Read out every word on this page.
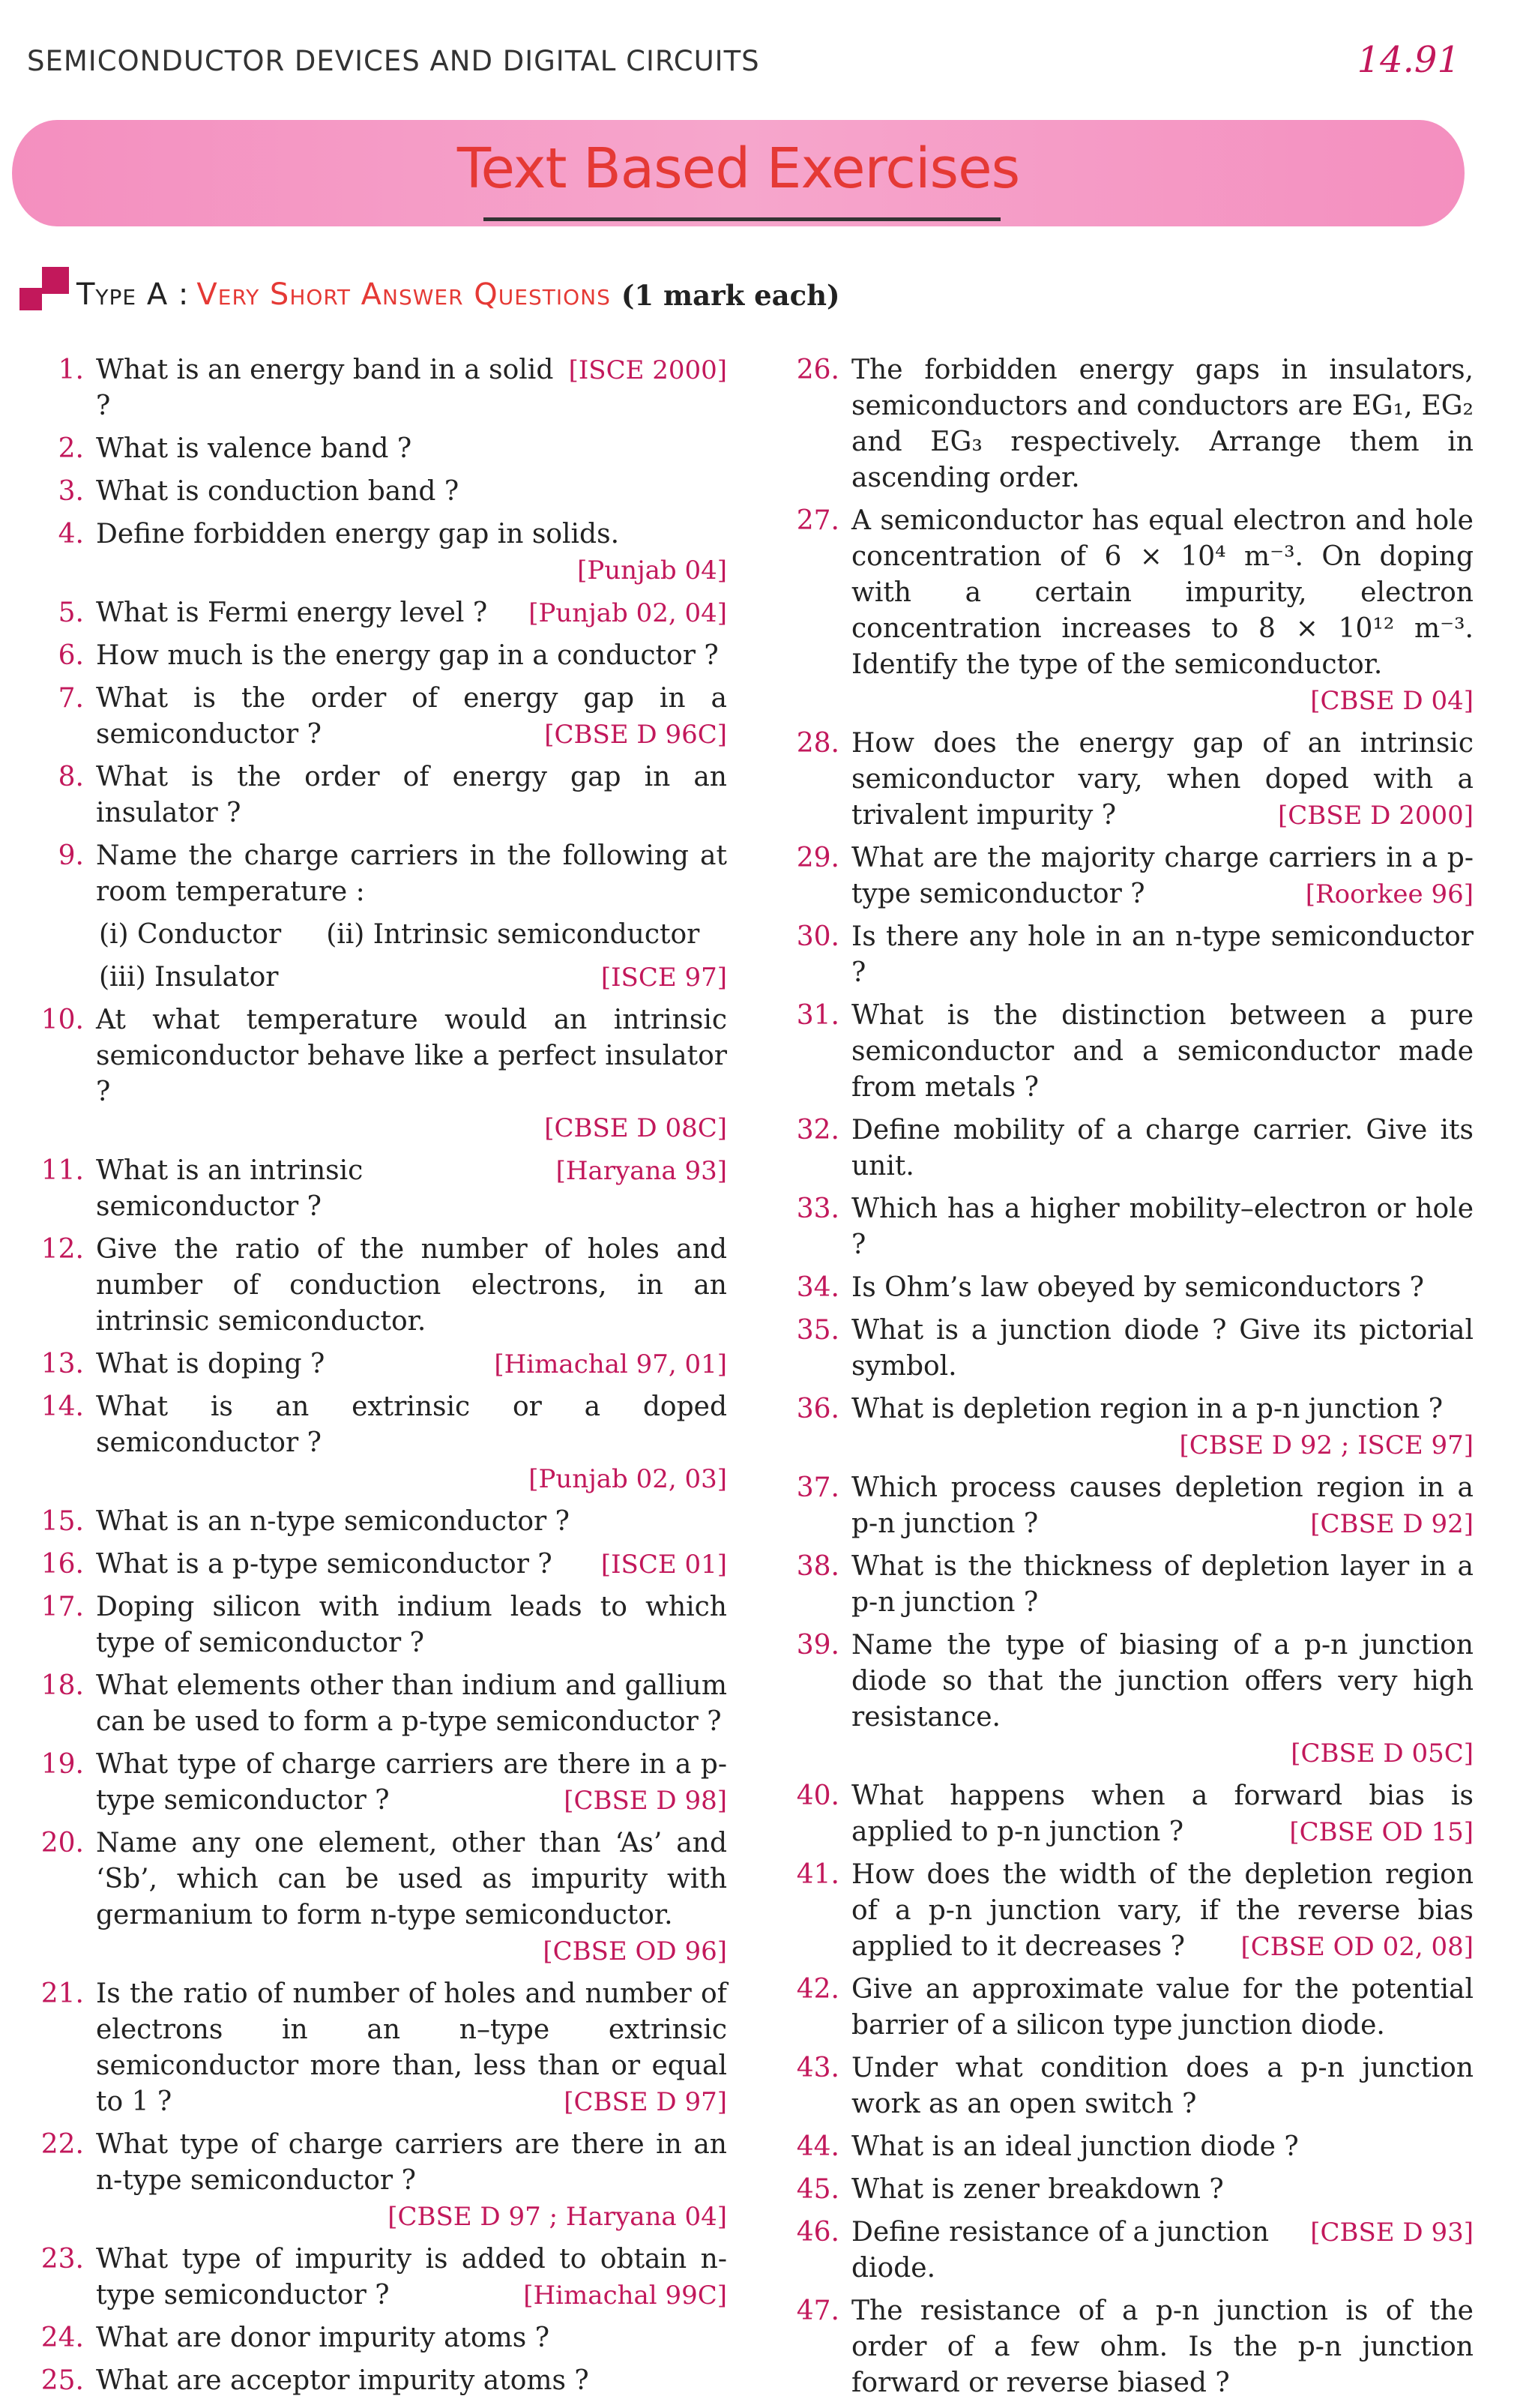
SEMICONDUCTOR DEVICES AND DIGITAL CIRCUITS	14.91
Text Based Exercises
Type A : Very Short Answer Questions (1 mark each)
1. What is an energy band in a solid ?
[ISCE 2000]
2. What is valence band ?
3. What is conduction band ?
4. Define forbidden energy gap in solids.
[Punjab 04]
5. What is Fermi energy level ? [Punjab 02, 04]
6. How much is the energy gap in a conductor ?
7. What is the order of energy gap in a semiconductor ?	[CBSE D 96C]
8. What is the order of energy gap in an insulator ?
9. Name the charge carriers in the following at room temperature :
(i) Conductor (ii) Intrinsic semiconductor
(iii) Insulator	[ISCE 97]
10. At what temperature would an intrinsic semiconductor behave like a perfect insulator ?
[CBSE D 08C]
11. What is an intrinsic semiconductor ?
[Haryana 93]
12. Give the ratio of the number of holes and number of conduction electrons, in an intrinsic semiconductor.
13. What is doping ?	[Himachal 97, 01]
14. What is an extrinsic or a doped semiconductor ?
[Punjab 02, 03]
15. What is an n-type semiconductor ?
16. What is a p-type semiconductor ? [ISCE 01]
17. Doping silicon with indium leads to which type of semiconductor ?
18. What elements other than indium and gallium can be used to form a p-type semiconductor ?
19. What type of charge carriers are there in a p-type semiconductor ?	[CBSE D 98]
20. Name any one element, other than ‘As’ and ‘Sb’, which can be used as impurity with germanium to form n-type semiconductor.
[CBSE OD 96]
21. Is the ratio of number of holes and number of electrons in an n–type extrinsic semiconductor more than, less than or equal to 1 ?	[CBSE D 97]
22. What type of charge carriers are there in an n-type semiconductor ?
[CBSE D 97 ; Haryana 04]
23. What type of impurity is added to obtain n-type semiconductor ?	[Himachal 99C]
24. What are donor impurity atoms ?
25. What are acceptor impurity atoms ?
26. The forbidden energy gaps in insulators, semiconductors and conductors are EG₁, EG₂ and EG₃ respectively. Arrange them in ascending order.
27. A semiconductor has equal electron and hole concentration of 6 × 10⁴ m⁻³. On doping with a certain impurity, electron concentration increases to 8 × 10¹² m⁻³. Identify the type of the semiconductor.
[CBSE D 04]
28. How does the energy gap of an intrinsic semiconductor vary, when doped with a trivalent impurity ?	[CBSE D 2000]
29. What are the majority charge carriers in a p-type semiconductor ?	[Roorkee 96]
30. Is there any hole in an n-type semiconductor ?
31. What is the distinction between a pure semiconductor and a semiconductor made from metals ?
32. Define mobility of a charge carrier. Give its unit.
33. Which has a higher mobility–electron or hole ?
34. Is Ohm’s law obeyed by semiconductors ?
35. What is a junction diode ? Give its pictorial symbol.
36. What is depletion region in a p-n junction ?
[CBSE D 92 ; ISCE 97]
37. Which process causes depletion region in a p-n junction ?	[CBSE D 92]
38. What is the thickness of depletion layer in a p-n junction ?
39. Name the type of biasing of a p-n junction diode so that the junction offers very high resistance.
[CBSE D 05C]
40. What happens when a forward bias is applied to p-n junction ?	[CBSE OD 15]
41. How does the width of the depletion region of a p-n junction vary, if the reverse bias applied to it decreases ? [CBSE OD 02, 08]
42. Give an approximate value for the potential barrier of a silicon type junction diode.
43. Under what condition does a p-n junction work as an open switch ?
44. What is an ideal junction diode ?
45. What is zener breakdown ?
46. Define resistance of a junction diode.
[CBSE D 93]
47. The resistance of a p-n junction is of the order of a few ohm. Is the p-n junction forward or reverse biased ?
